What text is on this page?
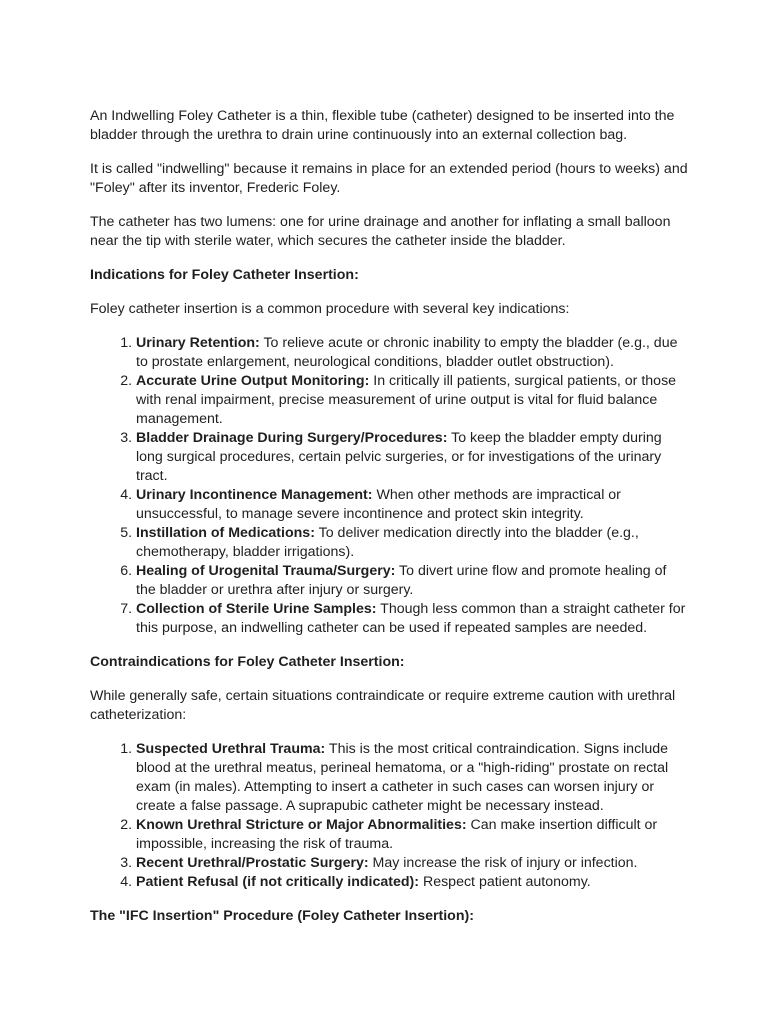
An Indwelling Foley Catheter is a thin, flexible tube (catheter) designed to be inserted into the bladder through the urethra to drain urine continuously into an external collection bag.

It is called "indwelling" because it remains in place for an extended period (hours to weeks) and "Foley" after its inventor, Frederic Foley.

The catheter has two lumens: one for urine drainage and another for inflating a small balloon near the tip with sterile water, which secures the catheter inside the bladder.

Indications for Foley Catheter Insertion:

Foley catheter insertion is a common procedure with several key indications:

1. Urinary Retention: To relieve acute or chronic inability to empty the bladder (e.g., due to prostate enlargement, neurological conditions, bladder outlet obstruction).
2. Accurate Urine Output Monitoring: In critically ill patients, surgical patients, or those with renal impairment, precise measurement of urine output is vital for fluid balance management.
3. Bladder Drainage During Surgery/Procedures: To keep the bladder empty during long surgical procedures, certain pelvic surgeries, or for investigations of the urinary tract.
4. Urinary Incontinence Management: When other methods are impractical or unsuccessful, to manage severe incontinence and protect skin integrity.
5. Instillation of Medications: To deliver medication directly into the bladder (e.g., chemotherapy, bladder irrigations).
6. Healing of Urogenital Trauma/Surgery: To divert urine flow and promote healing of the bladder or urethra after injury or surgery.
7. Collection of Sterile Urine Samples: Though less common than a straight catheter for this purpose, an indwelling catheter can be used if repeated samples are needed.
Contraindications for Foley Catheter Insertion:

While generally safe, certain situations contraindicate or require extreme caution with urethral catheterization:

1. Suspected Urethral Trauma: This is the most critical contraindication. Signs include blood at the urethral meatus, perineal hematoma, or a "high-riding" prostate on rectal exam (in males). Attempting to insert a catheter in such cases can worsen injury or create a false passage. A suprapubic catheter might be necessary instead.
2. Known Urethral Stricture or Major Abnormalities: Can make insertion difficult or impossible, increasing the risk of trauma.
3. Recent Urethral/Prostatic Surgery: May increase the risk of injury or infection.
4. Patient Refusal (if not critically indicated): Respect patient autonomy.
The "IFC Insertion" Procedure (Foley Catheter Insertion):
